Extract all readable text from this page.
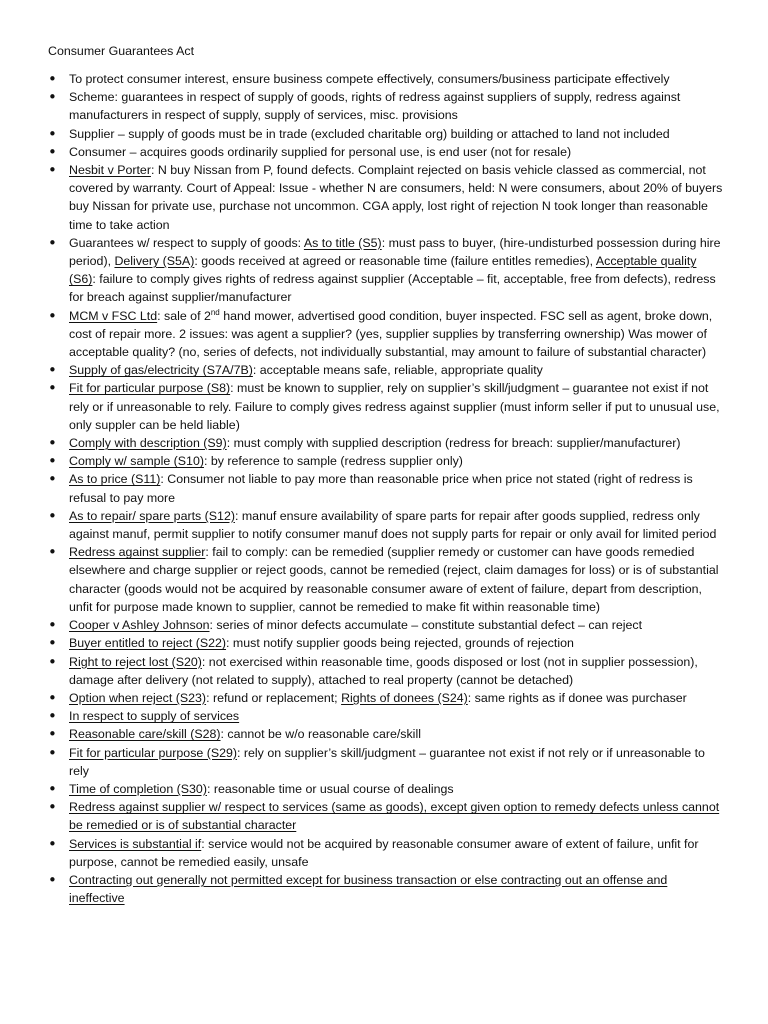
Consumer Guarantees Act
• To protect consumer interest, ensure business compete effectively, consumers/business participate effectively
• Scheme: guarantees in respect of supply of goods, rights of redress against suppliers of supply, redress against manufacturers in respect of supply, supply of services, misc. provisions
• Supplier – supply of goods must be in trade (excluded charitable org) building or attached to land not included
• Consumer – acquires goods ordinarily supplied for personal use, is end user (not for resale)
• Nesbit v Porter: N buy Nissan from P, found defects. Complaint rejected on basis vehicle classed as commercial, not covered by warranty. Court of Appeal: Issue - whether N are consumers, held: N were consumers, about 20% of buyers buy Nissan for private use, purchase not uncommon. CGA apply, lost right of rejection N took longer than reasonable time to take action
• Guarantees w/ respect to supply of goods: As to title (S5): must pass to buyer, (hire-undisturbed possession during hire period), Delivery (S5A): goods received at agreed or reasonable time (failure entitles remedies), Acceptable quality (S6): failure to comply gives rights of redress against supplier (Acceptable – fit, acceptable, free from defects), redress for breach against supplier/manufacturer
• MCM v FSC Ltd: sale of 2nd hand mower, advertised good condition, buyer inspected. FSC sell as agent, broke down, cost of repair more. 2 issues: was agent a supplier? (yes, supplier supplies by transferring ownership) Was mower of acceptable quality? (no, series of defects, not individually substantial, may amount to failure of substantial character)
• Supply of gas/electricity (S7A/7B): acceptable means safe, reliable, appropriate quality
• Fit for particular purpose (S8): must be known to supplier, rely on supplier’s skill/judgment – guarantee not exist if not rely or if unreasonable to rely. Failure to comply gives redress against supplier (must inform seller if put to unusual use, only suppler can be held liable)
• Comply with description (S9): must comply with supplied description (redress for breach: supplier/manufacturer)
• Comply w/ sample (S10): by reference to sample (redress supplier only)
• As to price (S11): Consumer not liable to pay more than reasonable price when price not stated (right of redress is refusal to pay more
• As to repair/ spare parts (S12): manuf ensure availability of spare parts for repair after goods supplied, redress only against manuf, permit supplier to notify consumer manuf does not supply parts for repair or only avail for limited period
• Redress against supplier: fail to comply: can be remedied (supplier remedy or customer can have goods remedied elsewhere and charge supplier or reject goods, cannot be remedied (reject, claim damages for loss) or is of substantial character (goods would not be acquired by reasonable consumer aware of extent of failure, depart from description, unfit for purpose made known to supplier, cannot be remedied to make fit within reasonable time)
• Cooper v Ashley Johnson: series of minor defects accumulate – constitute substantial defect – can reject
• Buyer entitled to reject (S22): must notify supplier goods being rejected, grounds of rejection
• Right to reject lost (S20): not exercised within reasonable time, goods disposed or lost (not in supplier possession), damage after delivery (not related to supply), attached to real property (cannot be detached)
• Option when reject (S23): refund or replacement; Rights of donees (S24): same rights as if donee was purchaser
• In respect to supply of services
• Reasonable care/skill (S28): cannot be w/o reasonable care/skill
• Fit for particular purpose (S29): rely on supplier’s skill/judgment – guarantee not exist if not rely or if unreasonable to rely
• Time of completion (S30): reasonable time or usual course of dealings
• Redress against supplier w/ respect to services (same as goods), except given option to remedy defects unless cannot be remedied or is of substantial character
• Services is substantial if: service would not be acquired by reasonable consumer aware of extent of failure, unfit for purpose, cannot be remedied easily, unsafe
• Contracting out generally not permitted except for business transaction or else contracting out an offense and ineffective
